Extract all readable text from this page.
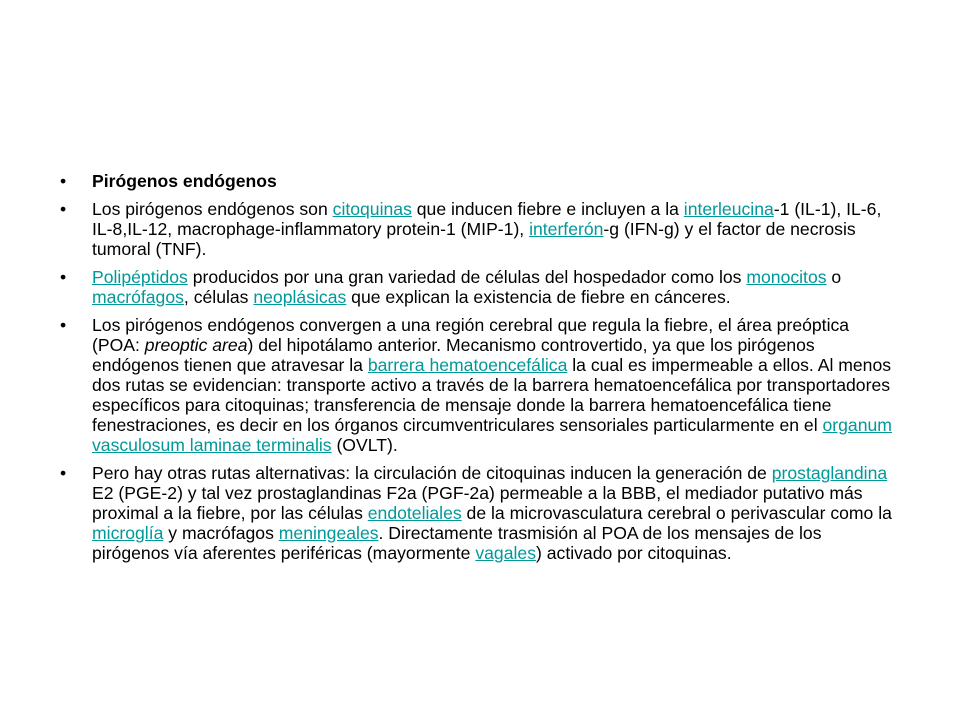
•	Pirógenos endógenos
•	Los pirógenos endógenos son citoquinas que inducen fiebre e incluyen a la interleucina-1 (IL-1), IL-6, IL-8,IL-12, macrophage-inflammatory protein-1 (MIP-1), interferón-g (IFN-g) y el factor de necrosis tumoral (TNF).
•	Polipéptidos producidos por una gran variedad de células del hospedador como los monocitos o macrófagos, células neoplásicas que explican la existencia de fiebre en cánceres.
•	Los pirógenos endógenos convergen a una región cerebral que regula la fiebre, el área preóptica (POA: preoptic area) del hipotálamo anterior. Mecanismo controvertido, ya que los pirógenos endógenos tienen que atravesar la barrera hematoencefálica la cual es impermeable a ellos. Al menos dos rutas se evidencian: transporte activo a través de la barrera hematoencefálica por transportadores específicos para citoquinas; transferencia de mensaje donde la barrera hematoencefálica tiene fenestraciones, es decir en los órganos circumventriculares sensoriales particularmente en el organum vasculosum laminae terminalis (OVLT).
•	Pero hay otras rutas alternativas: la circulación de citoquinas inducen la generación de prostaglandina E2 (PGE-2) y tal vez prostaglandinas F2a (PGF-2a) permeable a la BBB, el mediador putativo más proximal a la fiebre, por las células endoteliales de la microvasculatura cerebral o perivascular como la microglía y macrófagos meningeales. Directamente trasmisión al POA de los mensajes de los pirógenos vía aferentes periféricas (mayormente vagales) activado por citoquinas.
